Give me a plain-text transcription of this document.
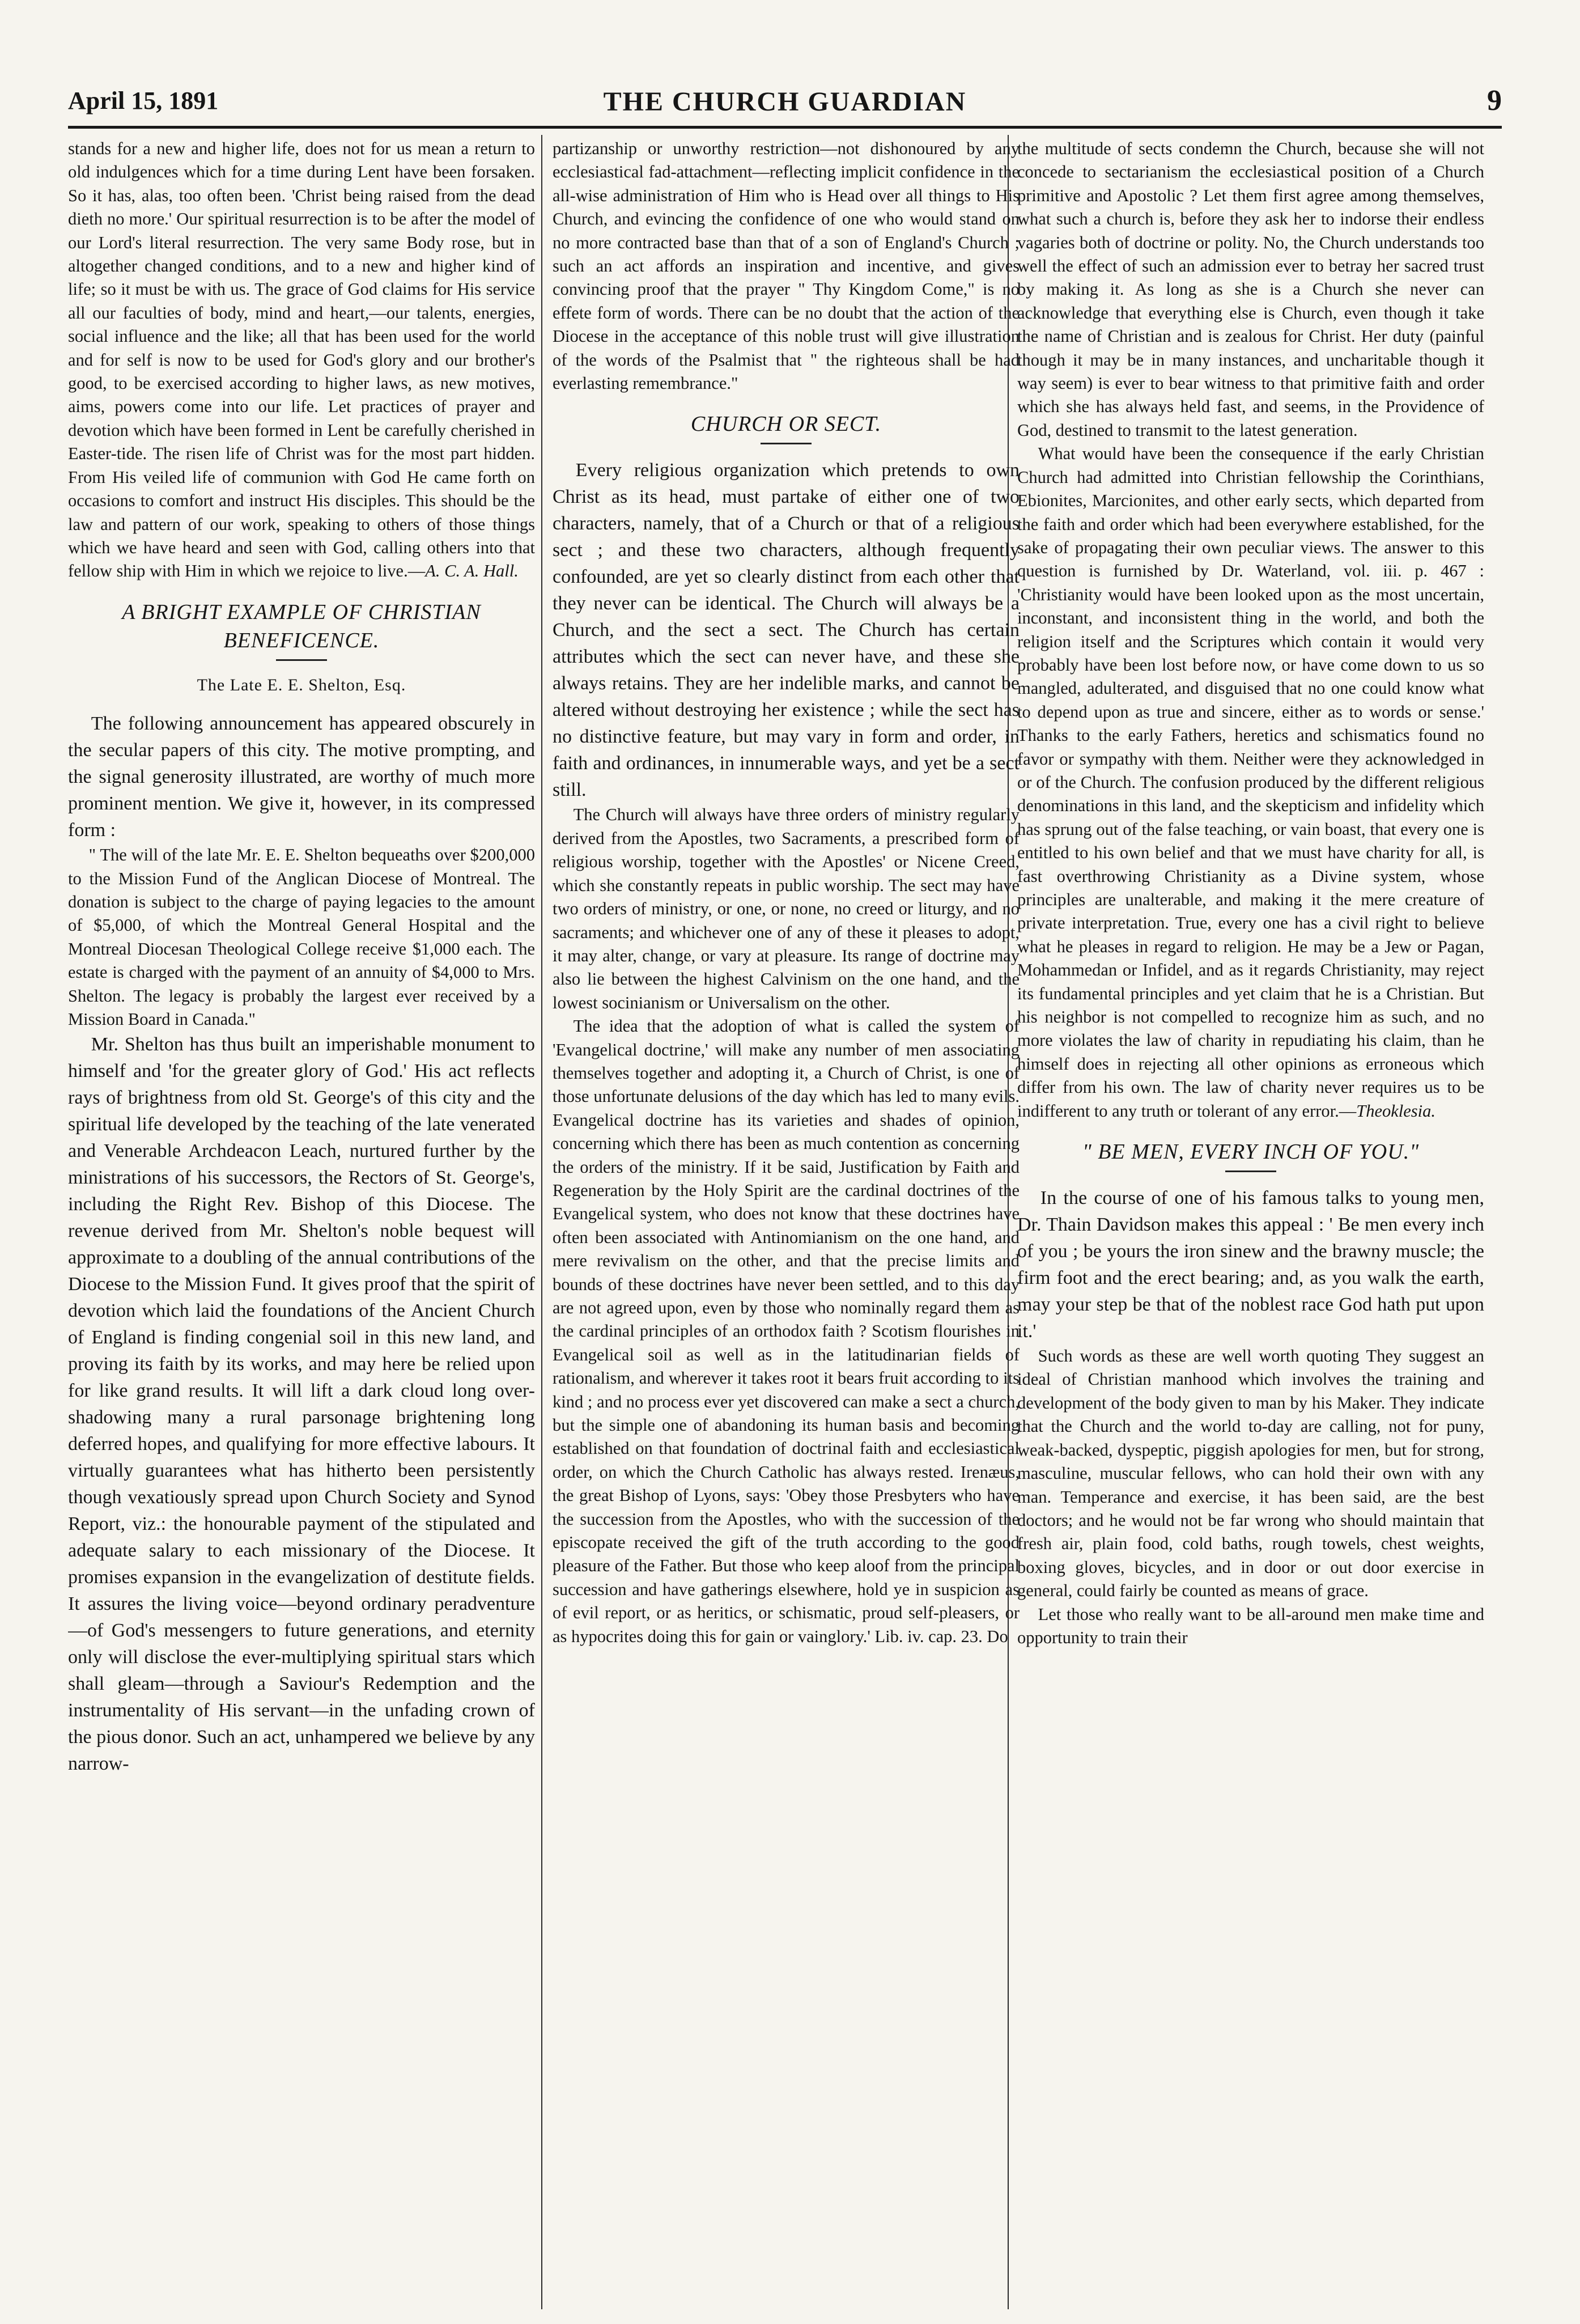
April 15, 1891	THE CHURCH GUARDIAN	9

stands for a new and higher life, does not for us mean a return to old indulgences which for a time during Lent have been forsaken. So it has, alas, too often been. 'Christ being raised from the dead dieth no more.' Our spiritual resurrection is to be after the model of our Lord's literal resurrection. The very same Body rose, but in altogether changed conditions, and to a new and higher kind of life; so it must be with us. The grace of God claims for His service all our faculties of body, mind and heart,—our talents, energies, social influence and the like; all that has been used for the world and for self is now to be used for God's glory and our brother's good, to be exercised according to higher laws, as new motives, aims, powers come into our life. Let practices of prayer and devotion which have been formed in Lent be carefully cherished in Easter-tide. The risen life of Christ was for the most part hidden. From His veiled life of communion with God He came forth on occasions to comfort and instruct His disciples. This should be the law and pattern of our work, speaking to others of those things which we have heard and seen with God, calling others into that fellow ship with Him in which we rejoice to live.—A. C. A. Hall.

A BRIGHT EXAMPLE OF CHRISTIAN BENEFICENCE.
The Late E. E. Shelton, Esq.

The following announcement has appeared obscurely in the secular papers of this city. The motive prompting, and the signal generosity illustrated, are worthy of much more prominent mention. We give it, however, in its compressed form :

" The will of the late Mr. E. E. Shelton bequeaths over $200,000 to the Mission Fund of the Anglican Diocese of Montreal. The donation is subject to the charge of paying legacies to the amount of $5,000, of which the Montreal General Hospital and the Montreal Diocesan Theological College receive $1,000 each. The estate is charged with the payment of an annuity of $4,000 to Mrs. Shelton. The legacy is probably the largest ever received by a Mission Board in Canada."

Mr. Shelton has thus built an imperishable monument to himself and 'for the greater glory of God.' His act reflects rays of brightness from old St. George's of this city and the spiritual life developed by the teaching of the late venerated and Venerable Archdeacon Leach, nurtured further by the ministrations of his successors, the Rectors of St. George's, including the Right Rev. Bishop of this Diocese. The revenue derived from Mr. Shelton's noble bequest will approximate to a doubling of the annual contributions of the Diocese to the Mission Fund. It gives proof that the spirit of devotion which laid the foundations of the Ancient Church of England is finding congenial soil in this new land, and proving its faith by its works, and may here be relied upon for like grand results. It will lift a dark cloud long over-shadowing many a rural parsonage brightening long deferred hopes, and qualifying for more effective labours. It virtually guarantees what has hitherto been persistently though vexatiously spread upon Church Society and Synod Report, viz.: the honourable payment of the stipulated and adequate salary to each missionary of the Diocese. It promises expansion in the evangelization of destitute fields. It assures the living voice—beyond ordinary peradventure—of God's messengers to future generations, and eternity only will disclose the ever-multiplying spiritual stars which shall gleam—through a Saviour's Redemption and the instrumentality of His servant—in the unfading crown of the pious donor. Such an act, unhampered we believe by any narrow-

partizanship or unworthy restriction—not dishonoured by any ecclesiastical fad-attachment—reflecting implicit confidence in the all-wise administration of Him who is Head over all things to His Church, and evincing the confidence of one who would stand on no more contracted base than that of a son of England's Church ; such an act affords an inspiration and incentive, and gives convincing proof that the prayer " Thy Kingdom Come," is no effete form of words. There can be no doubt that the action of the Diocese in the acceptance of this noble trust will give illustration of the words of the Psalmist that " the righteous shall be had everlasting remembrance."

CHURCH OR SECT.

Every religious organization which pretends to own Christ as its head, must partake of either one of two characters, namely, that of a Church or that of a religious sect ; and these two characters, although frequently confounded, are yet so clearly distinct from each other that they never can be identical. The Church will always be a Church, and the sect a sect. The Church has certain attributes which the sect can never have, and these she always retains. They are her indelible marks, and cannot be altered without destroying her existence ; while the sect has no distinctive feature, but may vary in form and order, in faith and ordinances, in innumerable ways, and yet be a sect still.

The Church will always have three orders of ministry regularly derived from the Apostles, two Sacraments, a prescribed form of religious worship, together with the Apostles' or Nicene Creed, which she constantly repeats in public worship. The sect may have two orders of ministry, or one, or none, no creed or liturgy, and no sacraments; and whichever one of any of these it pleases to adopt, it may alter, change, or vary at pleasure. Its range of doctrine may also lie between the highest Calvinism on the one hand, and the lowest socinianism or Universalism on the other.

The idea that the adoption of what is called the system of 'Evangelical doctrine,' will make any number of men associating themselves together and adopting it, a Church of Christ, is one of those unfortunate delusions of the day which has led to many evils. Evangelical doctrine has its varieties and shades of opinion, concerning which there has been as much contention as concerning the orders of the ministry. If it be said, Justification by Faith and Regeneration by the Holy Spirit are the cardinal doctrines of the Evangelical system, who does not know that these doctrines have often been associated with Antinomianism on the one hand, and mere revivalism on the other, and that the precise limits and bounds of these doctrines have never been settled, and to this day are not agreed upon, even by those who nominally regard them as the cardinal principles of an orthodox faith ? Scotism flourishes in Evangelical soil as well as in the latitudinarian fields of rationalism, and wherever it takes root it bears fruit according to its kind ; and no process ever yet discovered can make a sect a church, but the simple one of abandoning its human basis and becoming established on that foundation of doctrinal faith and ecclesiastical order, on which the Church Catholic has always rested. Irenæus, the great Bishop of Lyons, says: 'Obey those Presbyters who have the succession from the Apostles, who with the succession of the episcopate received the gift of the truth according to the good pleasure of the Father. But those who keep aloof from the principal succession and have gatherings elsewhere, hold ye in suspicion as of evil report, or as heritics, or schismatic, proud self-pleasers, or as hypocrites doing this for gain or vainglory.' Lib. iv. cap. 23. Do

the multitude of sects condemn the Church, because she will not concede to sectarianism the ecclesiastical position of a Church primitive and Apostolic ? Let them first agree among themselves, what such a church is, before they ask her to indorse their endless vagaries both of doctrine or polity. No, the Church understands too well the effect of such an admission ever to betray her sacred trust by making it. As long as she is a Church she never can acknowledge that everything else is Church, even though it take the name of Christian and is zealous for Christ. Her duty (painful though it may be in many instances, and uncharitable though it way seem) is ever to bear witness to that primitive faith and order which she has always held fast, and seems, in the Providence of God, destined to transmit to the latest generation.

What would have been the consequence if the early Christian Church had admitted into Christian fellowship the Corinthians, Ebionites, Marcionites, and other early sects, which departed from the faith and order which had been everywhere established, for the sake of propagating their own peculiar views. The answer to this question is furnished by Dr. Waterland, vol. iii. p. 467 : 'Christianity would have been looked upon as the most uncertain, inconstant, and inconsistent thing in the world, and both the religion itself and the Scriptures which contain it would very probably have been lost before now, or have come down to us so mangled, adulterated, and disguised that no one could know what to depend upon as true and sincere, either as to words or sense.' Thanks to the early Fathers, heretics and schismatics found no favor or sympathy with them. Neither were they acknowledged in or of the Church. The confusion produced by the different religious denominations in this land, and the skepticism and infidelity which has sprung out of the false teaching, or vain boast, that every one is entitled to his own belief and that we must have charity for all, is fast overthrowing Christianity as a Divine system, whose principles are unalterable, and making it the mere creature of private interpretation. True, every one has a civil right to believe what he pleases in regard to religion. He may be a Jew or Pagan, Mohammedan or Infidel, and as it regards Christianity, may reject its fundamental principles and yet claim that he is a Christian. But his neighbor is not compelled to recognize him as such, and no more violates the law of charity in repudiating his claim, than he himself does in rejecting all other opinions as erroneous which differ from his own. The law of charity never requires us to be indifferent to any truth or tolerant of any error.—Theoklesia.

" BE MEN, EVERY INCH OF YOU."

In the course of one of his famous talks to young men, Dr. Thain Davidson makes this appeal : ' Be men every inch of you ; be yours the iron sinew and the brawny muscle; the firm foot and the erect bearing; and, as you walk the earth, may your step be that of the noblest race God hath put upon it.'

Such words as these are well worth quoting They suggest an ideal of Christian manhood which involves the training and development of the body given to man by his Maker. They indicate that the Church and the world to-day are calling, not for puny, weak-backed, dyspeptic, piggish apologies for men, but for strong, masculine, muscular fellows, who can hold their own with any man. Temperance and exercise, it has been said, are the best doctors; and he would not be far wrong who should maintain that fresh air, plain food, cold baths, rough towels, chest weights, boxing gloves, bicycles, and in door or out door exercise in general, could fairly be counted as means of grace.

Let those who really want to be all-around men make time and opportunity to train their
